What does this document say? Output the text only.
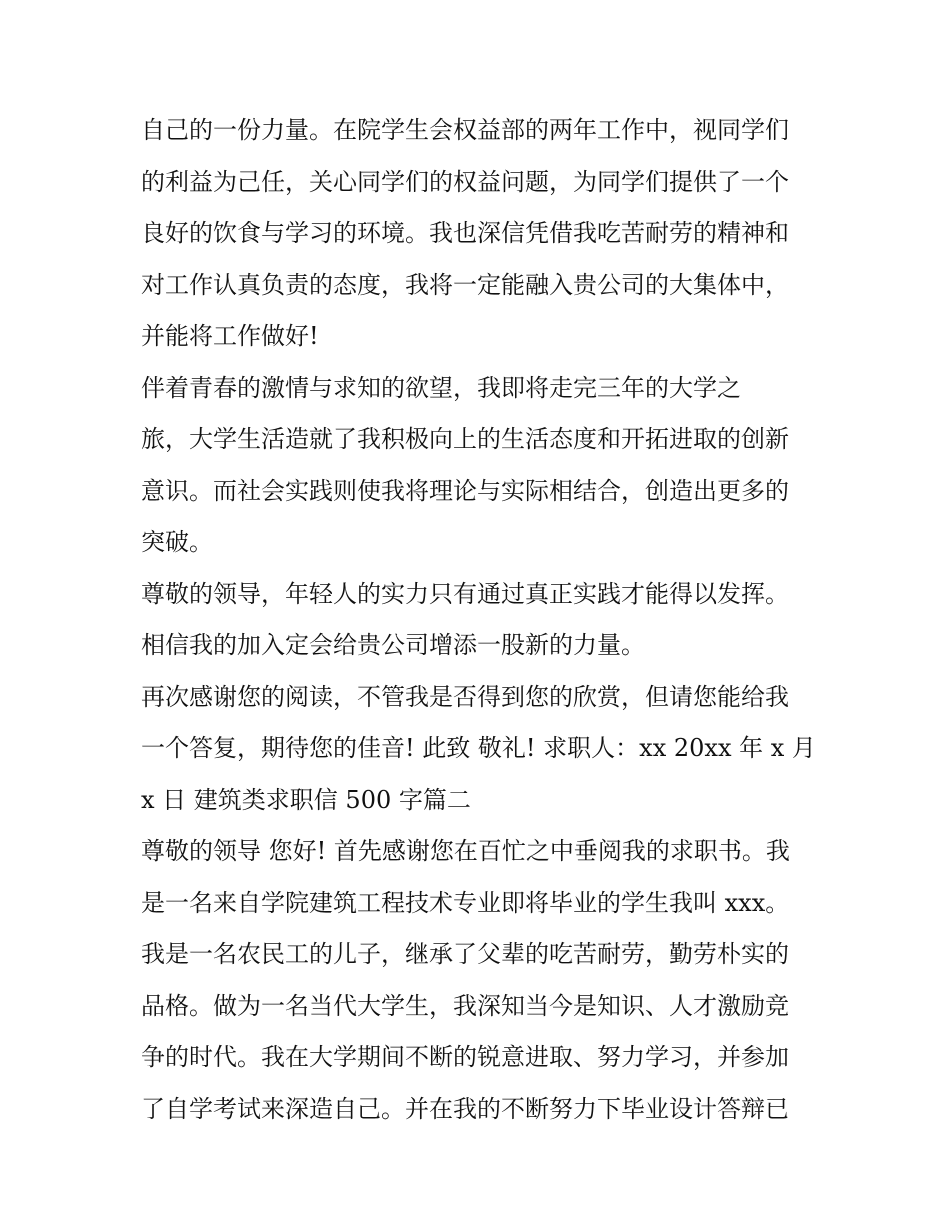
自己的一份力量。在院学生会权益部的两年工作中，视同学们
的利益为己任，关心同学们的权益问题，为同学们提供了一个
良好的饮食与学习的环境。我也深信凭借我吃苦耐劳的精神和
对工作认真负责的态度，我将一定能融入贵公司的大集体中，
并能将工作做好!
伴着青春的激情与求知的欲望，我即将走完三年的大学之
旅，大学生活造就了我积极向上的生活态度和开拓进取的创新
意识。而社会实践则使我将理论与实际相结合，创造出更多的
突破。
尊敬的领导，年轻人的实力只有通过真正实践才能得以发挥。
相信我的加入定会给贵公司增添一股新的力量。
再次感谢您的阅读，不管我是否得到您的欣赏，但请您能给我
一个答复，期待您的佳音! 此致 敬礼! 求职人：xx 20xx 年 x 月
x 日 建筑类求职信 500 字篇二
尊敬的领导 您好! 首先感谢您在百忙之中垂阅我的求职书。我
是一名来自学院建筑工程技术专业即将毕业的学生我叫 xxx。
我是一名农民工的儿子，继承了父辈的吃苦耐劳，勤劳朴实的
品格。做为一名当代大学生，我深知当今是知识、人才激励竞
争的时代。我在大学期间不断的锐意进取、努力学习，并参加
了自学考试来深造自己。并在我的不断努力下毕业设计答辩已
